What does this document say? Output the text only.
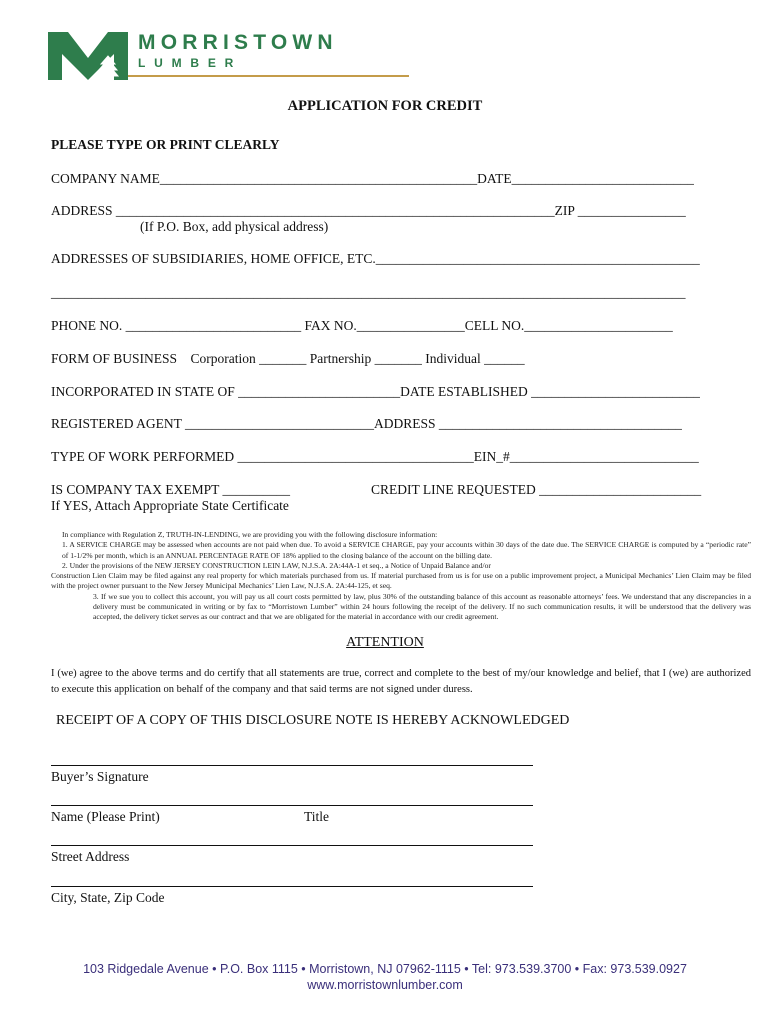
MORRISTOWN
LUMBER
APPLICATION FOR CREDIT
PLEASE TYPE OR PRINT CLEARLY
COMPANY NAME_______________________________________________DATE___________________________
ADDRESS _________________________________________________________________ZIP ________________
(If P.O. Box, add physical address)
ADDRESSES OF SUBSIDIARIES, HOME OFFICE, ETC.________________________________________________
______________________________________________________________________________________________
PHONE NO. __________________________ FAX NO.________________CELL NO.______________________
FORM OF BUSINESS    Corporation _______ Partnership _______ Individual ______
INCORPORATED IN STATE OF ________________________DATE ESTABLISHED _________________________
REGISTERED AGENT ____________________________ADDRESS ____________________________________
TYPE OF WORK PERFORMED ___________________________________EIN_#____________________________
IS COMPANY TAX EXEMPT __________	CREDIT LINE REQUESTED ________________________
If YES, Attach Appropriate State Certificate

In compliance with Regulation Z, TRUTH-IN-LENDING, we are providing you with the following disclosure information:

1. A SERVICE CHARGE may be assessed when accounts are not paid when due. To avoid a SERVICE CHARGE, pay your accounts within 30 days of the date due. The SERVICE CHARGE is computed by a “periodic rate” of 1-1/2% per month, which is an ANNUAL PERCENTAGE RATE OF 18% applied to the closing balance of the account on the billing date.

2. Under the provisions of the NEW JERSEY CONSTRUCTION LEIN LAW, N.J.S.A. 2A:44A-1 et seq., a Notice of Unpaid Balance and/or

Construction Lien Claim may be filed against any real property for which materials purchased from us. If material purchased from us is for use on a public improvement project, a Municipal Mechanics’ Lien Claim may be filed with the project owner pursuant to the New Jersey Municipal Mechanics’ Lien Law, N.J.S.A. 2A:44-125, et seq.

3. If we sue you to collect this account, you will pay us all court costs permitted by law, plus 30% of the outstanding balance of this account as reasonable attorneys’ fees. We understand that any discrepancies in a delivery must be communicated in writing or by fax to “Morristown Lumber” within 24 hours following the receipt of the delivery. If no such communication results, it will be understood that the delivery was accepted, the delivery ticket serves as our contract and that we are obligated for the material in accordance with our credit agreement.

ATTENTION
I (we) agree to the above terms and do certify that all statements are true, correct and complete to the best of my/our knowledge and belief, that I (we) are authorized to execute this application on behalf of the company and that said terms are not signed under duress.
RECEIPT OF A COPY OF THIS DISCLOSURE NOTE IS HEREBY ACKNOWLEDGED
Buyer’s Signature
Name (Please Print)	Title
Street Address
City, State, Zip Code
103 Ridgedale Avenue • P.O. Box 1115 • Morristown, NJ 07962-1115 • Tel: 973.539.3700 • Fax: 973.539.0927
www.morristownlumber.com
